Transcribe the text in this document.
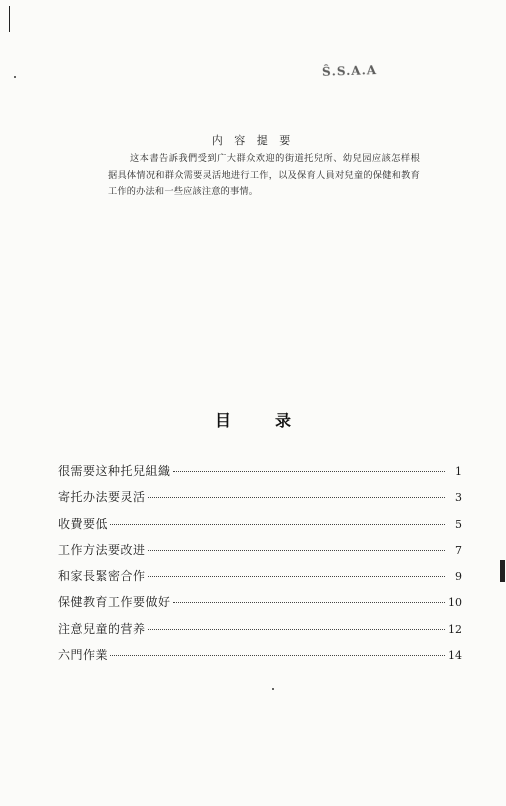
Ŝ.S.A.A
内 容 提 要
这本書告訴我們受到广大群众欢迎的街道托兒所、幼兒园应該怎样根据具体情况和群众需要灵活地进行工作，以及保育人員对兒童的保健和教育工作的办法和一些应該注意的事情。
目录
很需要这种托兒組織	1
寄托办法要灵活	3
收費要低	5
工作方法要改进	7
和家長緊密合作	9
保健教育工作要做好	10
注意兒童的营养	12
六門作業	14
